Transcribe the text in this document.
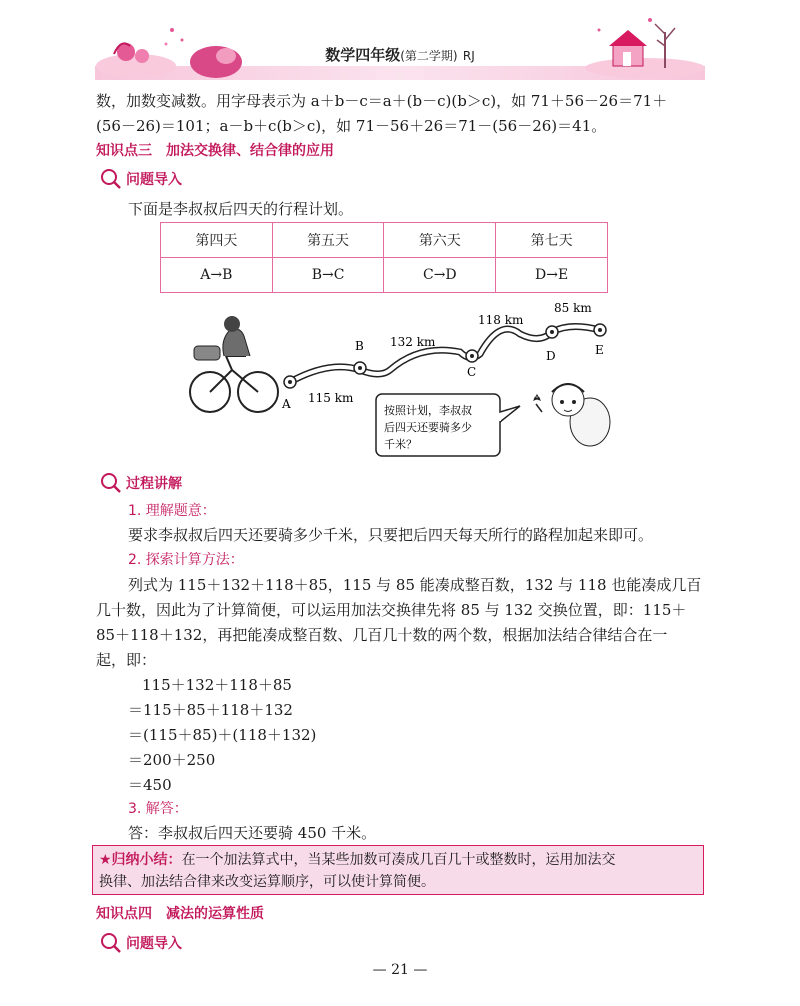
数学四年级(第二学期) RJ
数，加数变减数。用字母表示为 a＋b－c＝a＋(b－c)(b＞c)，如 71＋56－26＝71＋
(56－26)＝101；a－b＋c(b＞c)，如 71－56＋26＝71－(56－26)＝41。
知识点三　加法交换律、结合律的应用
问题导入
下面是李叔叔后四天的行程计划。
第四天	第五天	第六天	第七天
A→B	B→C	C→D	D→E
A
B
C
D	E
115 km
132 km
118 km
85 km
按照计划，李叔叔
后四天还要骑多少
千米？
过程讲解
1. 理解题意：
要求李叔叔后四天还要骑多少千米，只要把后四天每天所行的路程加起来即可。
2. 探索计算方法：
列式为 115＋132＋118＋85，115 与 85 能凑成整百数，132 与 118 也能凑成几百
几十数，因此为了计算简便，可以运用加法交换律先将 85 与 132 交换位置，即：115＋
85＋118＋132，再把能凑成整百数、几百几十数的两个数，根据加法结合律结合在一
起，即：
115＋132＋118＋85
＝115＋85＋118＋132
＝(115＋85)＋(118＋132)
＝200＋250
＝450
3. 解答：
答：李叔叔后四天还要骑 450 千米。
★归纳小结：在一个加法算式中，当某些加数可凑成几百几十或整数时，运用加法交
换律、加法结合律来改变运算顺序，可以使计算简便。
知识点四　减法的运算性质
问题导入
— 21 —
